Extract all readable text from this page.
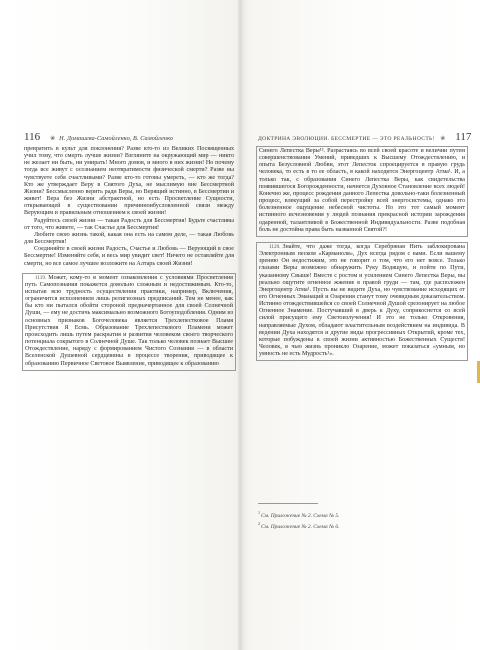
116 ❀ Н. Домашева-Самойленко, В. Самойленко

превратить в культ для поклонения? Разве кто-то из Великих Посвященных учил тому, что смерть лучше жизни? Взгляните на окружающий мир — никто не желает ни быть, ни умирать! Много домов, и много в них жизни! Но почему тогда все живут с осознанием неотвратимости физической смерти? Разве вы чувствуете себя счастливыми? Разве кто-то готовы умереть, — кто же тогда? Кто же утверждает Веру в Святого Духа, не мыслимую вне Бессмертной Жизни? Бессмысленно верить ради Веры, но Верящий истинно, в Бессмертии и живет! Вера без Жизни абстрактной, но есть Просветление Сущности, открывающей в существовании причинноибусловленной связи между Верующим и правильным отношением к своей жизни!

Радуйтесь своей жизни — такая Радость для Бессмертия! Будьте счастливы от того, что живете, — так Счастье для Бессмертия!

Любите свою жизнь такой, какая она есть на самом деле, — такая Любовь для Бессмертия!

Соединяйте в своей жизни Радость, Счастье и Любовь — Верующий в свое Бессмертие! Изменяйте себя, и весь мир увидит свет! Ничего не оставляйте для смерти, но все самое лучшее возложите на Алтарь своей Жизни!

1119. Может, кому-то в момент ознакомления с условиями Просветления путь Самопознания покажется довольно сложным и недостижимым. Кто-то, испытав всю трудность осуществления практики, например, Включения, ограничится исполнением лишь религиозных предписаний. Тем не менее, как бы кто ни пытался обойти стороной предначертанное для своей Солнечной Души, — ему не достичь максимально возможного Богоуподобления. Одним из основных признаков Богочеловека является Трехлепестковое Пламя Присутствия Я Есмь. Образование Трехлепесткового Пламени может происходить лишь путем раскрытия и развития человеком своего творческого потенциала сокрытого в Солнечной Душе. Так только человек познает Высшее Отождествление, наряду с формированием Чистого Сознания — в области Вселенской Душевной сердцевины в процессе творения, приводящее к образованию Первичное Световое Выявление, приводящее к образованию

ДОКТРИНА ЭВОЛЮЦИИ. БЕССМЕРТИЕ — ЭТО РЕАЛЬНОСТЬ! ❀ 117

Синего Лепестка Веры¹³. Разрастаясь во всей своей красоте и величии путем совершенствования Умений, приведших к Высшему Отождествлению, и опыта Безусловной Любви, этот Лепесток спроецируется в правую грудь человека, то есть в то ее область, в какой находится Энергоцентр Атма¹. И, а только так, с образования Синего Лепестка Веры, как свидетельства появившегося Богорожденности, начнется Духовное Становление всех людей! Конечно же, процесс рождения данного Лепестка довольно-таки болезненный процесс, влекущий за собой перестройку всей энергосистемы, однако это болезненное ощущение небесной чистоты. Но это тот самый момент истинного исчезновения у людей познания прекрасной истории зарождения одаренной, талантливой в Божественной Индивидуальности. Разве подобная боль не достойна права быть названной Святой?!

1120. Знайте, что даже тогда, когда Серебряная Нить заблокирована Электронным песком «Карманоля», Дух всегда рядом с вами. Если вашему зрению Он недостижим, это не говорит о том, что его нет вовсе. Только глазами Веры возможно обнаружить Руку Водящую, и пойти по Пути, указанному Свыше! Вместе с ростом и усилением Синего Лепестка Веры, вы реально ощутите огненное жжение в правой груди — там, где расположен Энергоцентр Атма¹. Пусть вы не видите Духа, но чувствование исходящих от его Огненных Эманаций и Озарения станут тому очевидным доказательством. Истинно отождествившейся со своей Солнечной Душой срезонирует на любое Огненное Знамение. Постучавший в дверь к Духу, соприкоснется со всей силой присущего ему Светоизлучения! И это не только Откровения, направляемые Духом, обладают властительным воздействием на индивида. В ведении Духа находятся и другие виды прогрессивных Открытий, кроме тех, которые побуждены к своей жизни активностью Божественных Существ! Человек, в чью жизнь проникло Озарение, может показаться «умным, но умность не есть Мудрость¹».

$^1$См. Приложение № 2. Схема № 5.
$^2$См. Приложение № 2. Схема № 6.
